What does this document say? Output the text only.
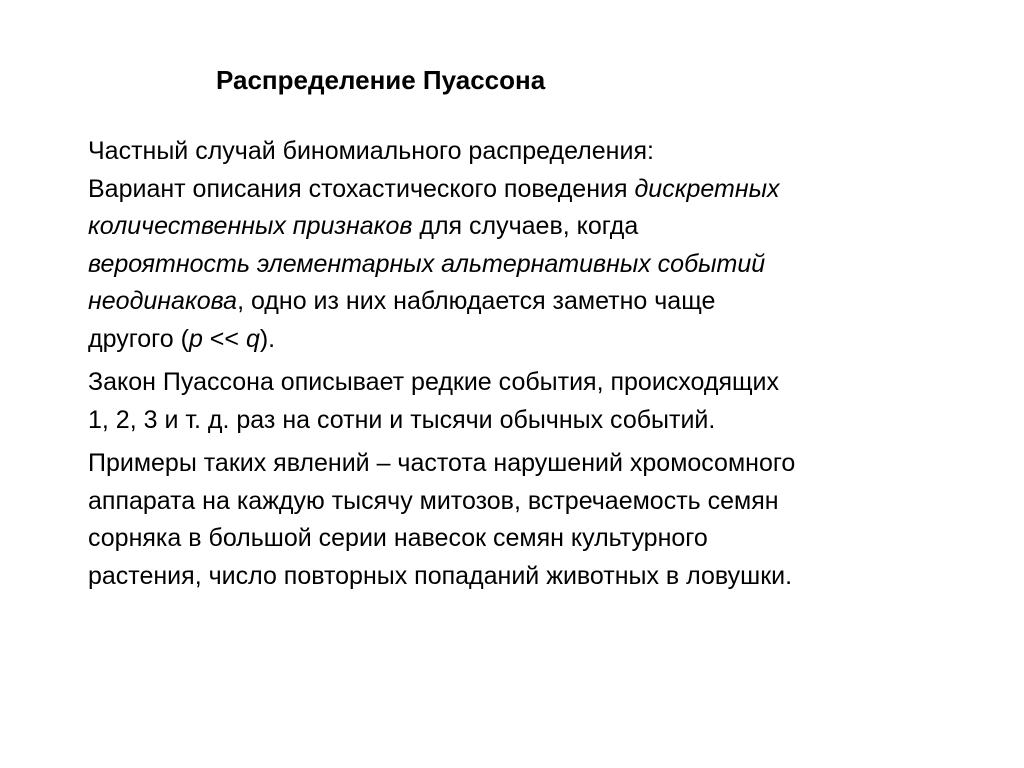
Распределение Пуассона

Частный случай биномиального распределения:
Вариант описания стохастического поведения дискретных
количественных признаков для случаев, когда
вероятность элементарных альтернативных событий
неодинакова, одно из них наблюдается заметно чаще
другого (p << q).

Закон Пуассона описывает редкие события, происходящих
1, 2, 3 и т. д. раз на сотни и тысячи обычных событий.

Примеры таких явлений – частота нарушений хромосомного
аппарата на каждую тысячу митозов, встречаемость семян
сорняка в большой серии навесок семян культурного
растения, число повторных попаданий животных в ловушки.
